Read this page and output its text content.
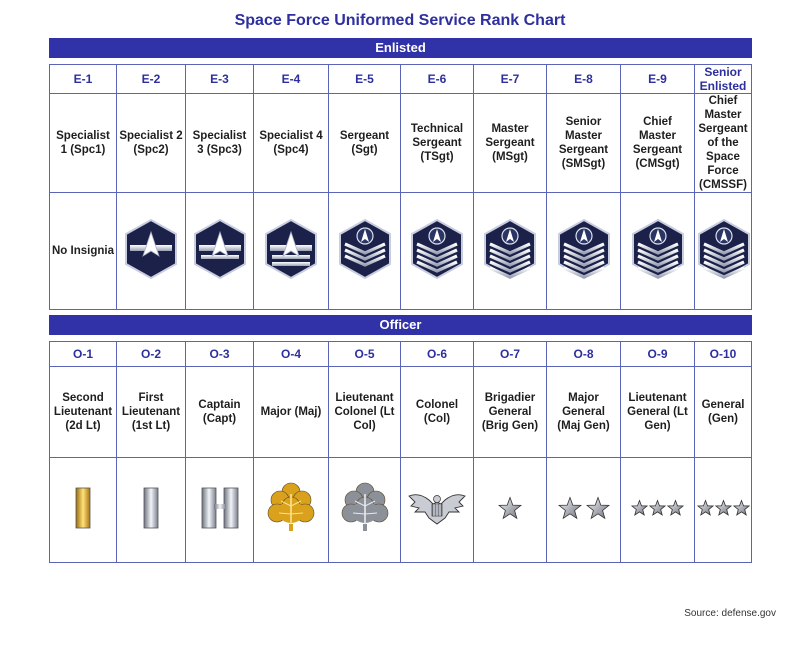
Space Force Uniformed Service Rank Chart
Enlisted
E-1	E-2	E-3	E-4	E-5	E-6	E-7	E-8	E-9	Senior Enlisted
Specialist 1 (Spc1)	Specialist 2 (Spc2)	Specialist 3 (Spc3)	Specialist 4 (Spc4)	Sergeant (Sgt)	Technical Sergeant (TSgt)	Master Sergeant (MSgt)	Senior Master Sergeant (SMSgt)	Chief Master Sergeant (CMSgt)	Chief Master Sergeant of the Space Force (CMSSF)
No Insignia									
Officer
O-1	O-2	O-3	O-4	O-5	O-6	O-7	O-8	O-9	O-10
Second Lieutenant (2d Lt)	First Lieutenant (1st Lt)	Captain (Capt)	Major (Maj)	Lieutenant Colonel (Lt Col)	Colonel (Col)	Brigadier General (Brig Gen)	Major General (Maj Gen)	Lieutenant General (Lt Gen)	General (Gen)

Source: defense.gov
